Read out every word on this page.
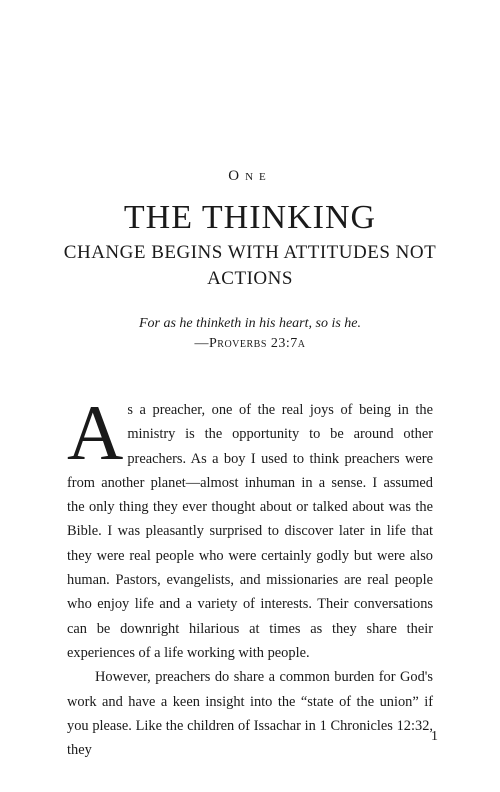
One
THE THINKING
CHANGE BEGINS WITH ATTITUDES NOT ACTIONS
For as he thinketh in his heart, so is he.
—Proverbs 23:7a

As a preacher, one of the real joys of being in the ministry is the opportunity to be around other preachers. As a boy I used to think preachers were from another planet—almost inhuman in a sense. I assumed the only thing they ever thought about or talked about was the Bible. I was pleasantly surprised to discover later in life that they were real people who were certainly godly but were also human. Pastors, evangelists, and missionaries are real people who enjoy life and a variety of interests. Their conversations can be downright hilarious at times as they share their experiences of a life working with people.

However, preachers do share a common burden for God's work and have a keen insight into the “state of the union” if you please. Like the children of Issachar in 1 Chronicles 12:32, they

1
